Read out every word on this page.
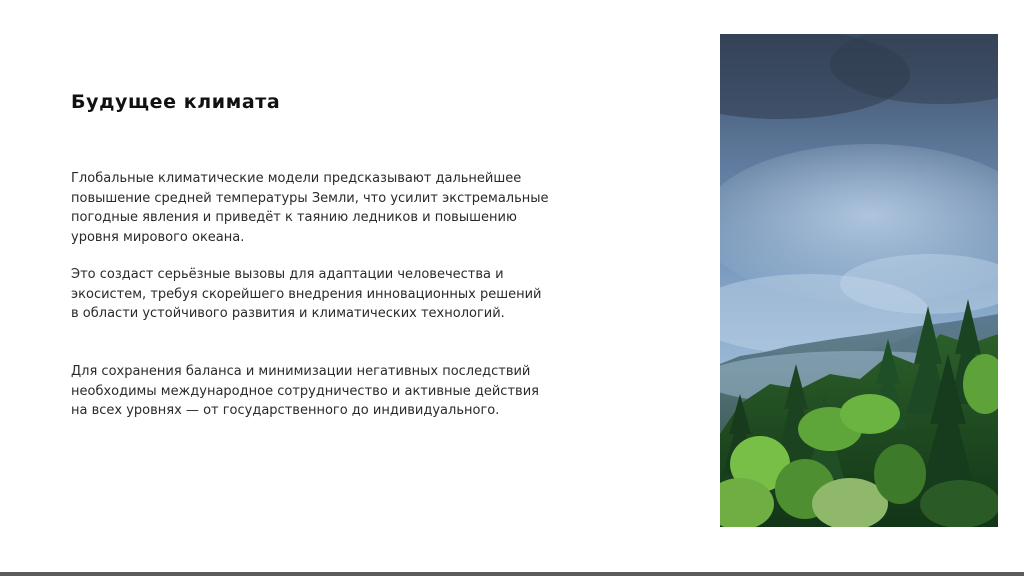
Будущее климата

Глобальные климатические модели предсказывают дальнейшее повышение средней температуры Земли, что усилит экстремальные погодные явления и приведёт к таянию ледников и повышению уровня мирового океана.

Это создаст серьёзные вызовы для адаптации человечества и экосистем, требуя скорейшего внедрения инновационных решений в области устойчивого развития и климатических технологий.

Для сохранения баланса и минимизации негативных последствий необходимы международное сотрудничество и активные действия на всех уровнях — от государственного до индивидуального.
